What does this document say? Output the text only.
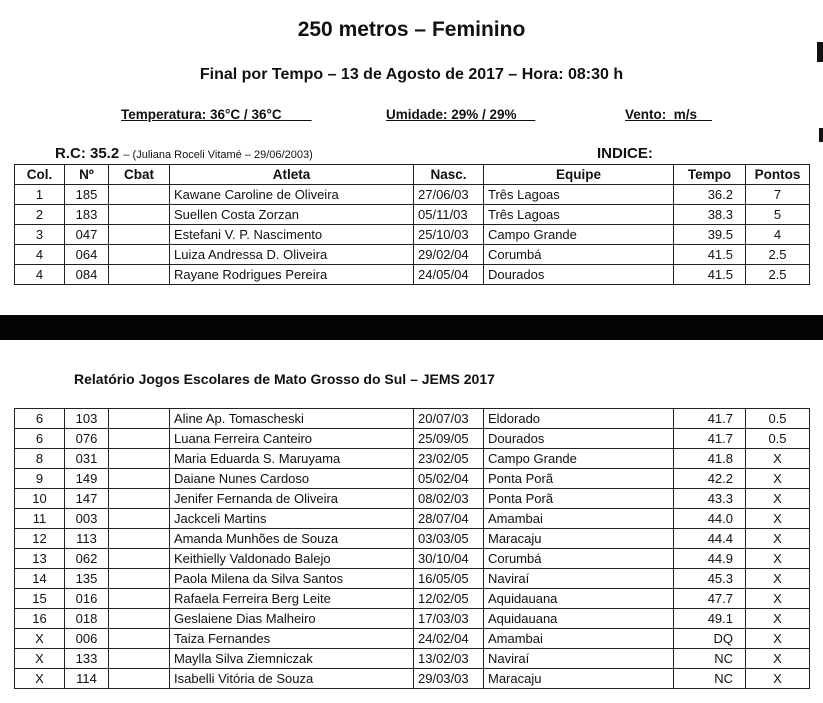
250 metros – Feminino
Final por Tempo – 13 de Agosto de 2017 – Hora: 08:30 h
Temperatura: 36°C / 36°C	Umidade: 29% / 29%	Vento:  m/s
R.C: 35.2 – (Juliana Roceli Vitamé – 29/06/2003)	INDICE:
Col.	Nº	Cbat	Atleta	Nasc.	Equipe	Tempo	Pontos
1	185		Kawane Caroline de Oliveira	27/06/03	Três Lagoas	36.2	7
2	183		Suellen Costa Zorzan	05/11/03	Três Lagoas	38.3	5
3	047		Estefani V. P. Nascimento	25/10/03	Campo Grande	39.5	4
4	064		Luiza Andressa D. Oliveira	29/02/04	Corumbá	41.5	2.5
4	084		Rayane Rodrigues Pereira	24/05/04	Dourados	41.5	2.5
Relatório Jogos Escolares de Mato Grosso do Sul – JEMS 2017
6	103		Aline Ap. Tomascheski	20/07/03	Eldorado	41.7	0.5
6	076		Luana Ferreira Canteiro	25/09/05	Dourados	41.7	0.5
8	031		Maria Eduarda S. Maruyama	23/02/05	Campo Grande	41.8	X
9	149		Daiane Nunes Cardoso	05/02/04	Ponta Porã	42.2	X
10	147		Jenifer Fernanda de Oliveira	08/02/03	Ponta Porã	43.3	X
11	003		Jackceli Martins	28/07/04	Amambai	44.0	X
12	113		Amanda Munhões de Souza	03/03/05	Maracaju	44.4	X
13	062		Keithielly Valdonado Balejo	30/10/04	Corumbá	44.9	X
14	135		Paola Milena da Silva Santos	16/05/05	Naviraí	45.3	X
15	016		Rafaela Ferreira Berg Leite	12/02/05	Aquidauana	47.7	X
16	018		Geslaiene Dias Malheiro	17/03/03	Aquidauana	49.1	X
X	006		Taiza Fernandes	24/02/04	Amambai	DQ	X
X	133		Maylla Silva Ziemniczak	13/02/03	Naviraí	NC	X
X	114		Isabelli Vitória de Souza	29/03/03	Maracaju	NC	X
